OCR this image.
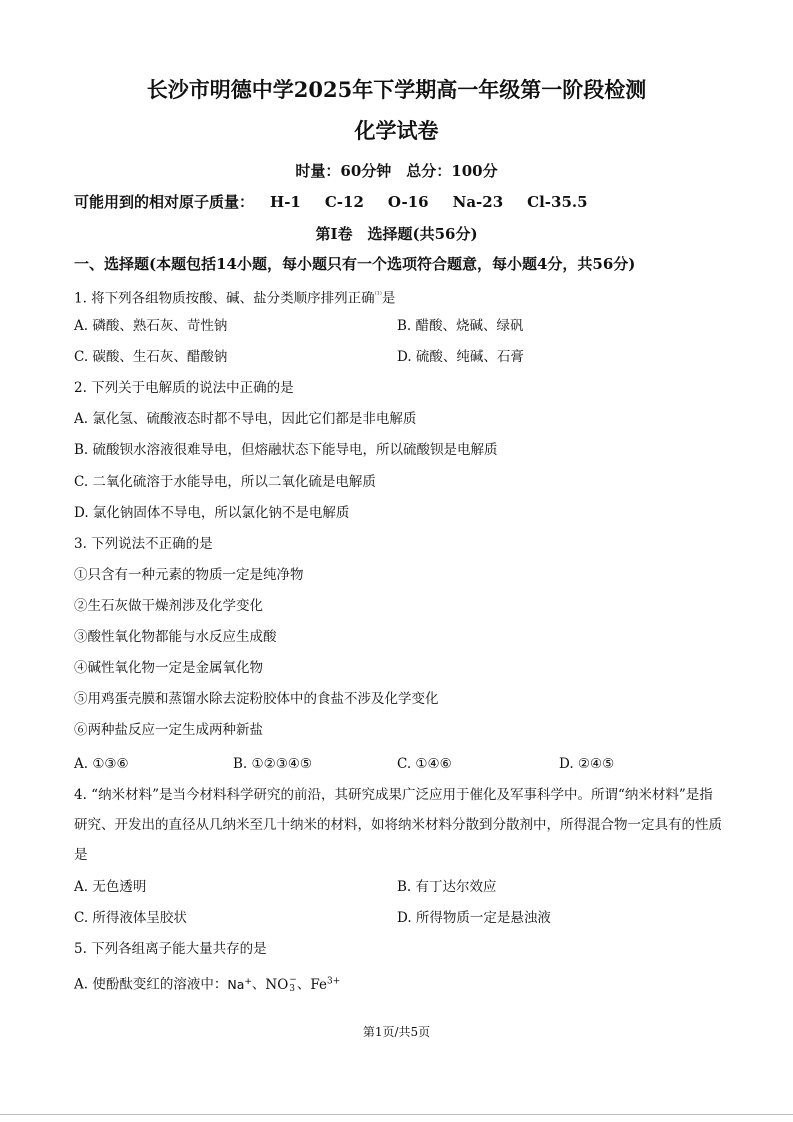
长沙市明德中学2025年下学期高一年级第一阶段检测
化学试卷
时量：60分钟　总分：100分
可能用到的相对原子质量： H-1 C-12 O-16 Na-23 Cl-35.5
第Ⅰ卷　选择题(共56分)
一、选择题(本题包括14小题，每小题只有一个选项符合题意，每小题4分，共56分)
1. 将下列各组物质按酸、碱、盐分类顺序排列正确$^{^{(1)}}$是
A. 磷酸、熟石灰、苛性钠	B. 醋酸、烧碱、绿矾
C. 碳酸、生石灰、醋酸钠	D. 硫酸、纯碱、石膏
2. 下列关于电解质的说法中正确的是
A. 氯化氢、硫酸液态时都不导电，因此它们都是非电解质
B. 硫酸钡水溶液很难导电，但熔融状态下能导电，所以硫酸钡是电解质
C. 二氧化硫溶于水能导电，所以二氧化硫是电解质
D. 氯化钠固体不导电，所以氯化钠不是电解质
3. 下列说法不正确的是
①只含有一种元素的物质一定是纯净物
②生石灰做干燥剂涉及化学变化
③酸性氧化物都能与水反应生成酸
④碱性氧化物一定是金属氧化物
⑤用鸡蛋壳膜和蒸馏水除去淀粉胶体中的食盐不涉及化学变化
⑥两种盐反应一定生成两种新盐
A. ①③⑥	B. ①②③④⑤	C. ①④⑥	D. ②④⑤
4. “纳米材料”是当今材料科学研究的前沿，其研究成果广泛应用于催化及军事科学中。所谓“纳米材料”是指研究、开发出的直径从几纳米至几十纳米的材料，如将纳米材料分散到分散剂中，所得混合物一定具有的性质是
A. 无色透明	B. 有丁达尔效应
C. 所得液体呈胶状	D. 所得物质一定是悬浊液
5. 下列各组离子能大量共存的是
A. 使酚酞变红的溶液中：Na+、NO −
3 、$Fe^{3+}$
第1页/共5页
